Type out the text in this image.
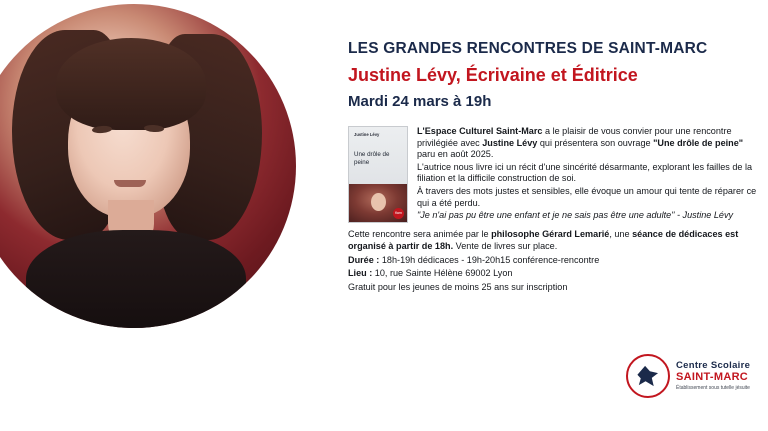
LES GRANDES RENCONTRES DE SAINT-MARC
Justine Lévy, Écrivaine et Éditrice
Mardi 24 mars à 19h
Justine Lévy
Une drôle de peine
flam

L'Espace Culturel Saint-Marc a le plaisir de vous convier pour une rencontre privilégiée avec Justine Lévy qui présentera son ouvrage "Une drôle de peine" paru en août 2025.

L'autrice nous livre ici un récit d'une sincérité désarmante, explorant les failles de la filiation et la difficile construction de soi.

À travers des mots justes et sensibles, elle évoque un amour qui tente de réparer ce qui a été perdu.

"Je n'ai pas pu être une enfant et je ne sais pas être une adulte" - Justine Lévy

Cette rencontre sera animée par le philosophe Gérard Lemarié, une séance de dédicaces est organisé à partir de 18h. Vente de livres sur place.

Durée : 18h-19h dédicaces - 19h-20h15 conférence-rencontre

Lieu : 10, rue Sainte Hélène 69002 Lyon

Gratuit pour les jeunes de moins 25 ans sur inscription

Centre Scolaire
SAINT-MARC
Établissement sous tutelle jésuite
